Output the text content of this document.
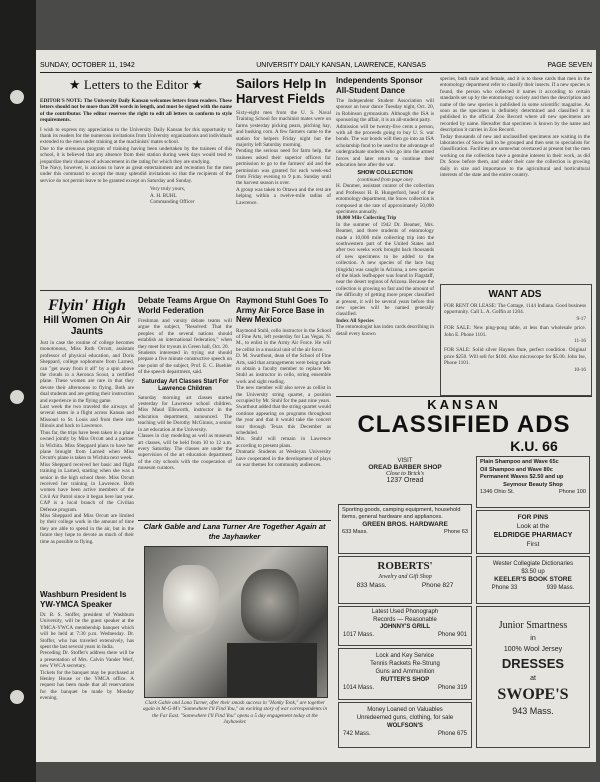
SUNDAY, OCTOBER 11, 1942	UNIVERSITY DAILY KANSAN, LAWRENCE, KANSAS	PAGE SEVEN
★ Letters to the Editor ★
EDITOR'S NOTE: The University Daily Kansan welcomes letters from readers. These letters should not be more than 200 words in length, and must be signed with the name of the contributor. The editor reserves the right to edit all letters to conform to style requirements.
I wish to express my appreciation to the University Daily Kansan for this opportunity to thank its readers for the numerous invitations from University organizations and individuals extended to the men under training at the machinists' mates school.
Due to the strenuous program of training having been undertaken by the trainees of this school, it is believed that any absence from their station during week days would tend to jeopardize their chances of advancement in the rating for which they are studying.
The Navy, however, is anxious to have as great entertainment and recreation for the men under this command to accept the many splendid invitations so that the recipients of the service do not permit leave to be granted except on Saturday and Sunday.
Very truly yours,
A. H. BUHL
Commanding Officer
Sailors Help In Harvest Fields
Sixty-eight men from the U. S. Naval Training School for machinist mates were on farms yesterday picking pears, pitching hay, and husking corn. A few farmers came to the station for helpers Friday night but the majority left Saturday morning.
Pending the serious need for farm help, the trainees asked their superior officers for permission to go to the farmers' aid and the permission was granted for each week-end from Friday evening to 9 p.m. Sunday until the harvest season is over.
A group was taken to Ottawa and the rest are helping within a twelve-mile radius of Lawrence.
Raymond Stuhl Goes To Army Air Force Base in New Mexico
Raymond Stuhl, cello instructor in the School of Fine Arts, left yesterday for Las Vegas, N. M., to enlist in the Army Air Force. He will be cellist in a musical unit of the air force.
D. M. Swarthout, dean of the School of Fine Arts, said that arrangements were being made to obtain a faculty member to replace Mr. Stuhl as instructor in cello, string ensemble work and sight reading.
The new member will also serve as cellist in the University string quartet, a position occupied by Mr. Stuhl for the past nine years.
Swarthout added that the string quartet would continue appearing on programs throughout the year and that it would take the concert tour through Texas this December as scheduled.
Mrs. Stuhl will remain in Lawrence according to present plans.
Dramatic Students at Wesleyan University have cooperated in the development of plays on war themes for community audiences.
Independents Sponsor All-Student Dance
The Independent Student Association will sponsor an hour dance Tuesday night, Oct. 20, in Robinson gymnasium. Although the ISA is sponsoring the affair, it is an all-student party.
Admission will be twenty-five cents a person, with all the proceeds going to buy U. S. war bonds. The war bonds will then go into an ISA scholarship fund to be used to the advantage of undergraduate students who go into the armed forces and later return to continue their education here after the war.
SHOW COLLECTION
(continued from page one)
H. Dunmer, assistant curator of the collection and Professor H. B. Hungerford, head of the entomology department, the Snow collection is composed at the rate of approximately 50,000 specimens annually.
10,000 Mile Collecting Trip
In the summer of 1942 Dr. Beamer, Mrs. Beamer, and three students of entomology made a 10,000 mile collecting trip into the southwestern part of the United States and after two weeks work brought back thousands of new specimens to be added to the collection. A new species of the lace bug (tingida) was caught in Arizona, a new species of the black leafhopper was found in Flagstaff, near the desert regions of Arizona. Because the collection is growing so fast and the amount of the difficulty of getting more proper classified at present, it will be several years before this new species will be named generally classified.
Index All Species
The entomologist has index cards describing in detail every known
species, both male and female, and it is to these cards that men in the entomology department refer to classify their insects. If a new species is found, the person who collected it names it according to certain standards set up by the entomology society and then the description and name of the new species is published in some scientific magazine. As soon as the specimen is definitely determined and classified it is published in the official Zoo Record where all new specimens are recorded by name. Hereafter that specimen is known by the name and description it carries in Zoo Record.
Today thousands of new and unclassified specimens are waiting in the laboratories of Snow hall to be grouped and then sent to specialists for classification. Facilities are somewhat overtaxed at present but the men working on the collection have a genuine interest in their work, as did Dr. Snow before them, and under their care the collection is growing daily in size and importance to the agricultural and horticultural interests of the state and the entire country.
WANT ADS
FOR RENT OR LEASE: The Cottage, 1144 Indiana. Good business opportunity. Call L. A. Goffin at 1204.
9-17
FOR SALE: New ping-pong table, at less than wholesale price. John E. Phone 1101.
11-16
FOR SALE: Solid silver Haynes flute, perfect condition. Original price $250. Will sell for $100. Also microscope for $5.00. John Ise, Phone 1101.
10-16
Flyin' High
Hill Women On Air Jaunts
Just in case the routine of college becomes monotonous, Miss Ruth Orcutt, assistant professor of physical education, and Doris Sheppard, college sophomore from Larned, can "get away from it all" by a spin above the clouds in a Aeronca Scout, a certified plane. These women are rare in that they devote their afternoons to flying. Both are dual students and are getting their instruction and experience in the flying game.
Last week the two traveled the airways of several states in a flight across Kansas and Missouri to St. Louis and from there into Illinois and back to Lawrence.
Thus far, the trips have been taken in a plane owned jointly by Miss Orcutt and a partner in Wichita. Miss Sheppard plans to have her plane brought from Larned when Miss Orcutt's plane is taken to Wichita next week.
Miss Sheppard received her basic and flight training in Larned, starting when she was a senior in the high school there. Miss Orcutt received her training in Lawrence. Both women have been active members of the Civil Air Patrol since it began here last year. CAP is a local branch of the Civilian Defense program.
Miss Sheppard and Miss Orcutt are limited by their college work in the amount of time they are able to spend in the air, but in the future they hope to devote as much of their time as possible to flying.
Washburn President Is YW-YMCA Speaker
Dr. B. S. Stoffer, president of Washburn University, will be the guest speaker at the YMCA-YWCA membership banquet which will be held at 7:30 p.m. Wednesday. Dr. Stoffer, who has traveled extensively, has spent the last several years in India.
Preceding Dr. Stoffer's address there will be a presentation of Mrs. Calvin Vander Werf, new YWCA secretary.
Tickets for the banquet may be purchased at Henley House or the YMCA office. A request has been made that all reservations for the banquet be made by Monday evening.
Debate Teams Argue On World Federation
Freshman and varsity debate teams will argue the subject, "Resolved: That the peoples of the several nations should establish an international federation," when they meet for tryouts in Green hall, Oct. 20.
Students interested in trying out should prepare a five minute constructive speech on one point of the subject, Prof. E. C. Buehler of the speech department, said.
Saturday Art Classes Start For Lawrence Children
Saturday morning art classes started yesterday for Lawrence school children. Miss Maud Ellsworth, instructor in the education department, announced. The teaching will be Dorothy McGinnis, a senior in art education at the University.
Classes in clay modeling as well as museum art classes, will be held from 10 to 12 a.m. every Saturday. The classes are under the supervision of the art education department of the city schools with the cooperation of museum curators.
Clark Gable and Lana Turner Are Together Again at the Jayhawker
Clark Gable and Lana Turner, after their smash success in "Honky Tonk," are together again in M-G-M's "Somewhere I'll Find You," an exciting story of war correspondents in the Far East. "Somewhere I'll Find You" opens a 5 day engagement today at the Jayhawker.
KANSAN
CLASSIFIED ADS
K.U. 66
VISIT
OREAD BARBER SHOP
Close to Brick's
1237 Oread
Plain Shampoo and Wave 65c
Oil Shampoo and Wave 80c
Permanent Waves $2.50 and up
Seymour Beauty Shop
1346 Ohio St.	Phone 100
FOR PINS
Look at the
ELDRIDGE PHARMACY
First
Sporting goods, camping equipment, household items, general hardware and appliances.
GREEN BROS. HARDWARE
633 Mass.	Phone 63
Wester Collegiate Dictionaries
$3.50 up
KEELER'S BOOK STORE
Phone 33	939 Mass.
ROBERTS'
Jewelry and Gift Shop
833 Mass.	Phone 827
Latest Used Phonograph
Records — Reasonable
JOHNNY'S GRILL
1017 Mass.	Phone 901
Lock and Key Service
Tennis Rackets Re-Strung
Guns and Ammunition
RUTTER'S SHOP
1014 Mass.	Phone 319
Money Loaned on Valuables
Unredeemed guns, clothing, for sale
WOLFSON'S
742 Mass.	Phone 675
Junior Smartness
in
100% Wool Jersey
DRESSES
at
SWOPE'S
943 Mass.
